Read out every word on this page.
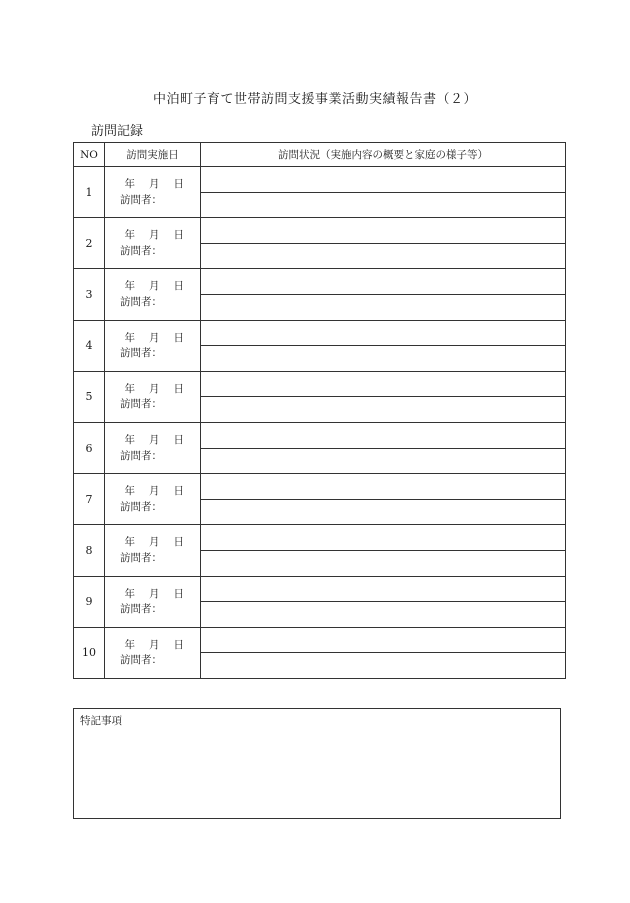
中泊町子育て世帯訪問支援事業活動実績報告書（２）
訪問記録
NO	訪問実施日	訪問状況（実施内容の概要と家庭の様子等）
1	年 月 日
訪問者：	

2	年 月 日
訪問者：	

3	年 月 日
訪問者：	

4	年 月 日
訪問者：	

5	年 月 日
訪問者：	

6	年 月 日
訪問者：	

7	年 月 日
訪問者：	

8	年 月 日
訪問者：	

9	年 月 日
訪問者：	

10	年 月 日
訪問者：	

特記事項
